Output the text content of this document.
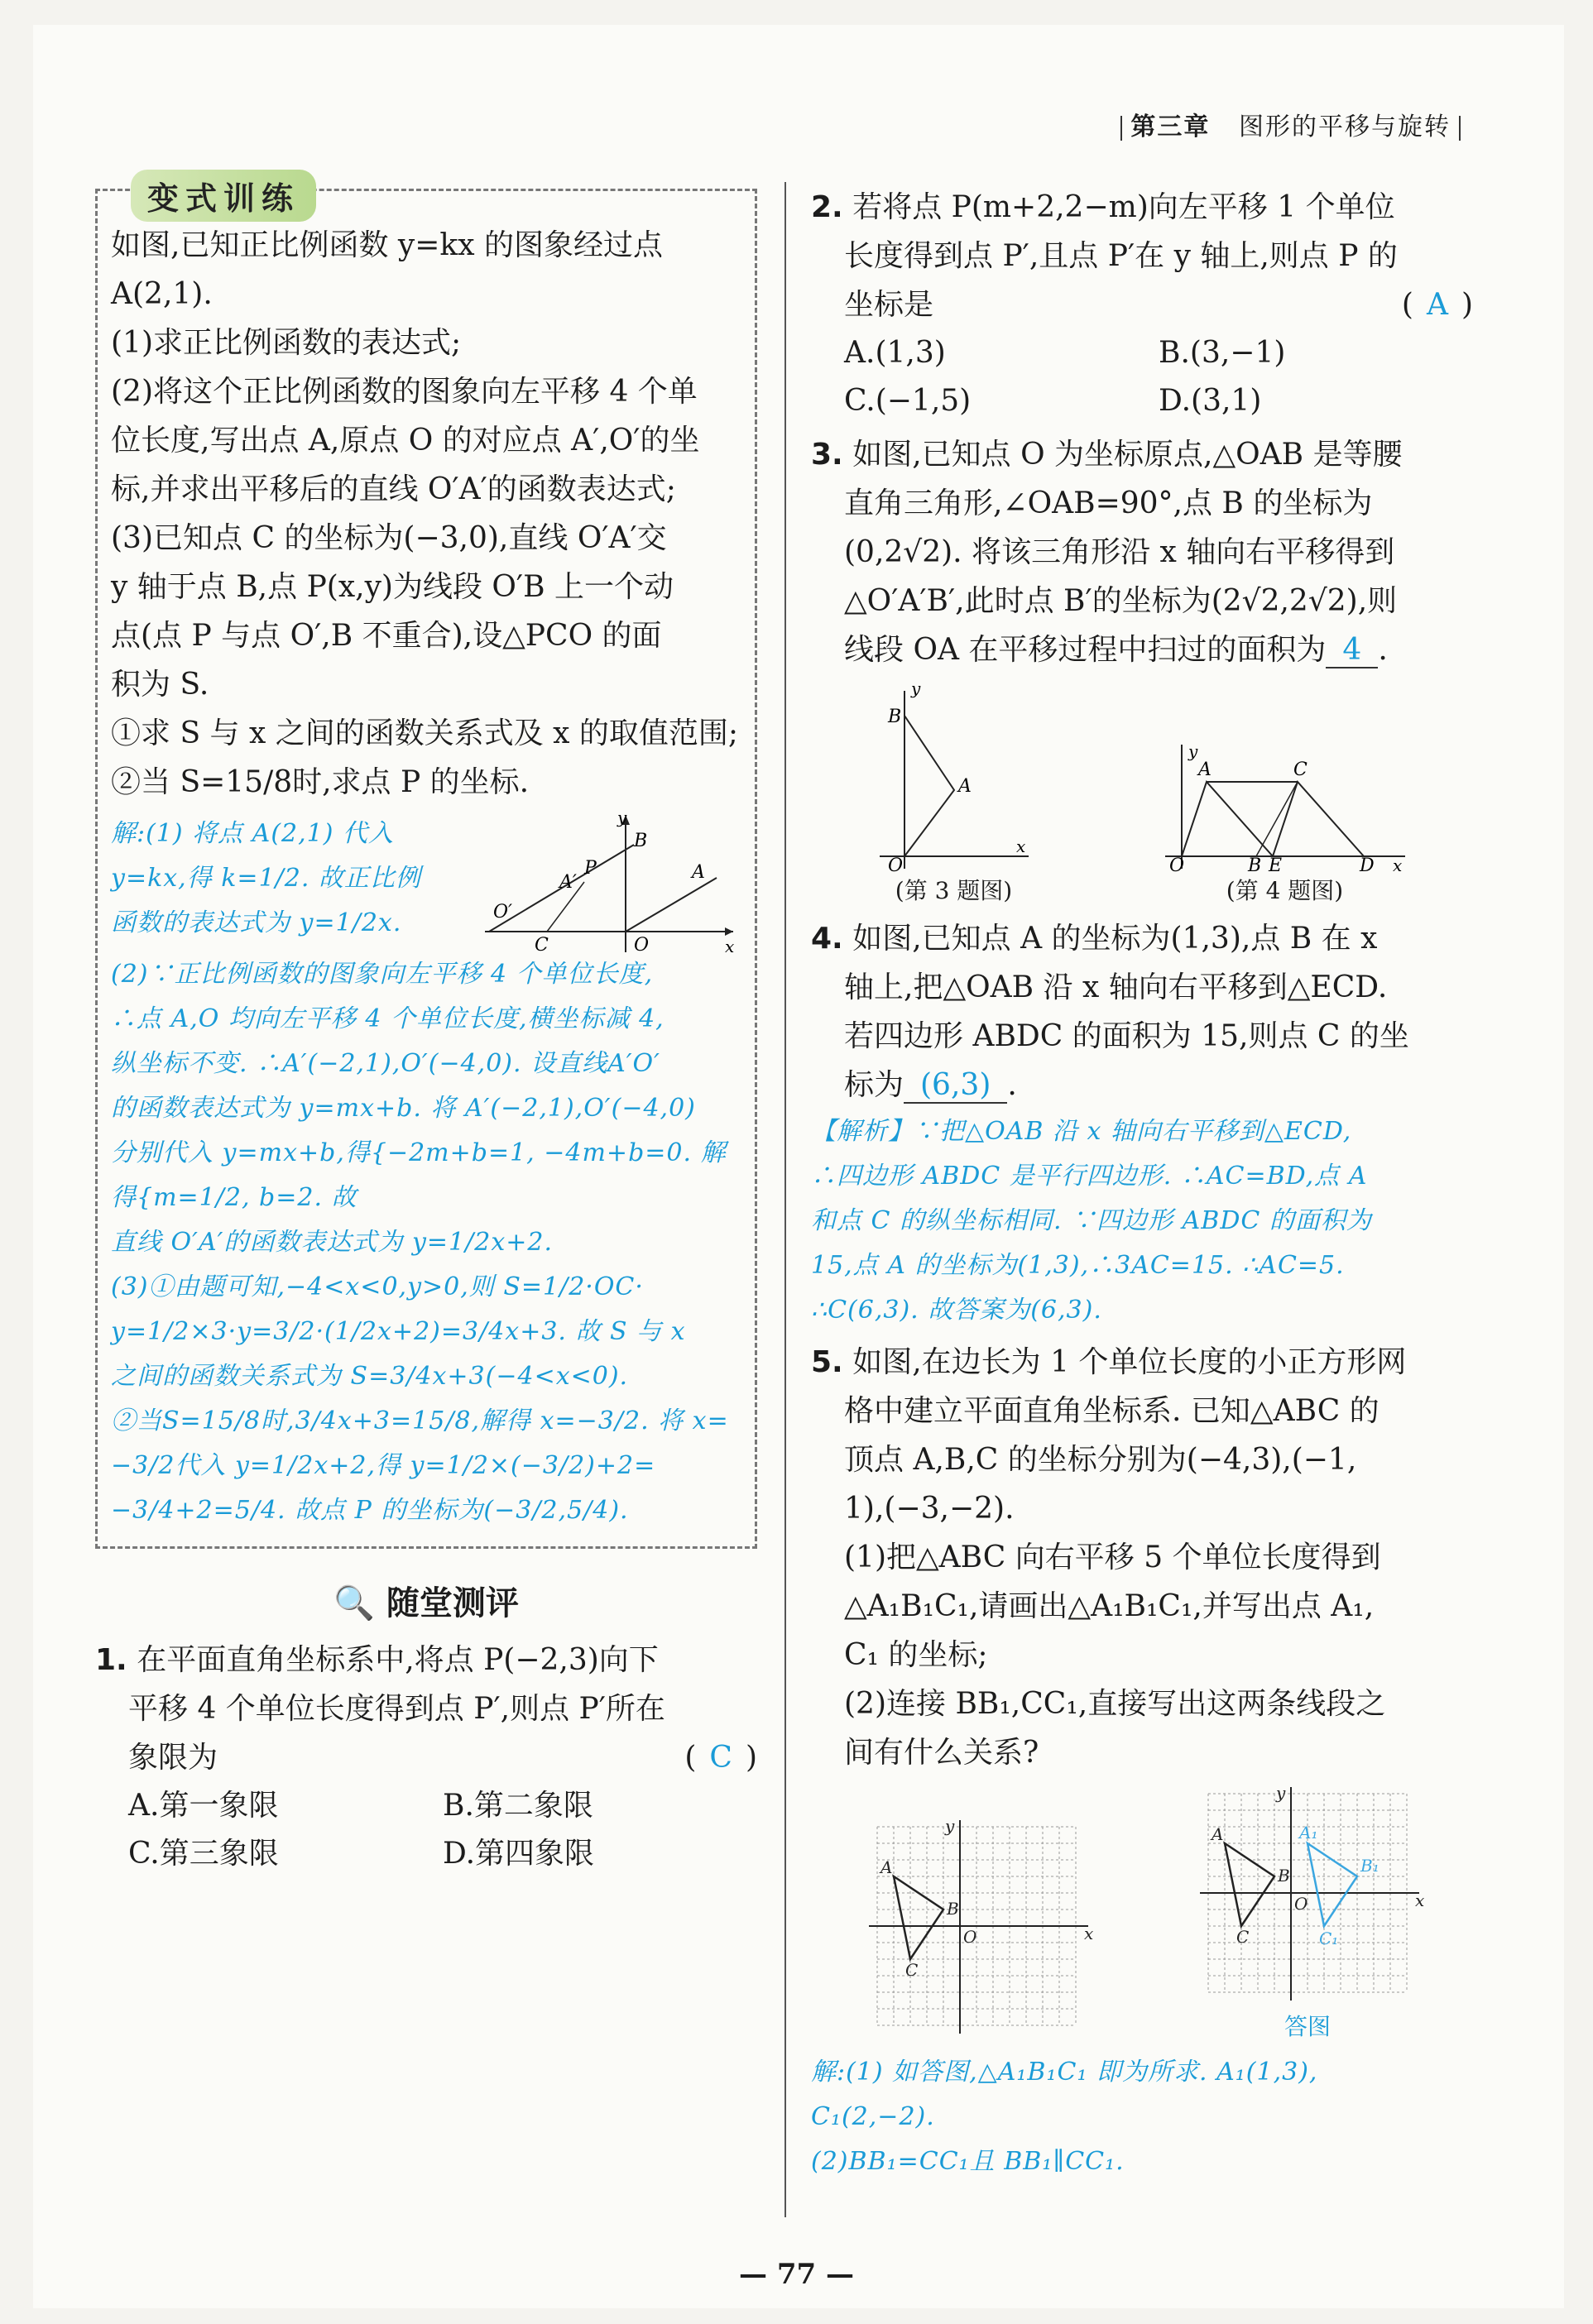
第三章 图形的平移与旋转
变式训练

如图,已知正比例函数 y=kx 的图象经过点

A(2,1).

(1)求正比例函数的表达式;

(2)将这个正比例函数的图象向左平移 4 个单

位长度,写出点 A,原点 O 的对应点 A′,O′的坐

标,并求出平移后的直线 O′A′的函数表达式;

(3)已知点 C 的坐标为(−3,0),直线 O′A′交

y 轴于点 B,点 P(x,y)为线段 O′B 上一个动

点(点 P 与点 O′,B 不重合),设△PCO 的面

积为 S.

①求 S 与 x 之间的函数关系式及 x 的取值范围;

②当 S=15/8时,求点 P 的坐标.

解:(1) 将点 A(2,1) 代入

y=kx,得 k=1/2. 故正比例

函数的表达式为 y=1/2x.

y
x
B
P
A′	A
O′
C	O

(2)∵正比例函数的图象向左平移 4 个单位长度,

∴点 A,O 均向左平移 4 个单位长度,横坐标减 4,

纵坐标不变. ∴A′(−2,1),O′(−4,0). 设直线A′O′

的函数表达式为 y=mx+b. 将 A′(−2,1),O′(−4,0)

分别代入 y=mx+b,得{−2m+b=1, −4m+b=0. 解得{m=1/2, b=2. 故

直线 O′A′的函数表达式为 y=1/2x+2.

(3)①由题可知,−4<x<0,y>0,则 S=1/2·OC·

y=1/2×3·y=3/2·(1/2x+2)=3/4x+3. 故 S 与 x

之间的函数关系式为 S=3/4x+3(−4<x<0).

②当S=15/8时,3/4x+3=15/8,解得 x=−3/2. 将 x=

−3/2代入 y=1/2x+2,得 y=1/2×(−3/2)+2=

−3/4+2=5/4. 故点 P 的坐标为(−3/2,5/4).

🔍 随堂测评

1. 在平面直角坐标系中,将点 P(−2,3)向下

平移 4 个单位长度得到点 P′,则点 P′所在

象限为	( C )

A.第一象限	B.第二象限
C.第三象限	D.第四象限

2. 若将点 P(m+2,2−m)向左平移 1 个单位

长度得到点 P′,且点 P′在 y 轴上,则点 P 的

坐标是	( A )

A.(1,3)	B.(3,−1)
C.(−1,5)	D.(3,1)

3. 如图,已知点 O 为坐标原点,△OAB 是等腰

直角三角形,∠OAB=90°,点 B 的坐标为

(0,2√2). 将该三角形沿 x 轴向右平移得到

△O′A′B′,此时点 B′的坐标为(2√2,2√2),则

线段 OA 在平移过程中扫过的面积为 4 .

y
x
B
A
O
(第 3 题图)
y
x
A	C
O	B E	D
(第 4 题图)

4. 如图,已知点 A 的坐标为(1,3),点 B 在 x

轴上,把△OAB 沿 x 轴向右平移到△ECD.

若四边形 ABDC 的面积为 15,则点 C 的坐

标为 (6,3) .

【解析】∵把△OAB 沿 x 轴向右平移到△ECD,

∴四边形 ABDC 是平行四边形. ∴AC=BD,点 A

和点 C 的纵坐标相同. ∵四边形 ABDC 的面积为

15,点 A 的坐标为(1,3),∴3AC=15. ∴AC=5.

∴C(6,3). 故答案为(6,3).

5. 如图,在边长为 1 个单位长度的小正方形网

格中建立平面直角坐标系. 已知△ABC 的

顶点 A,B,C 的坐标分别为(−4,3),(−1,

1),(−3,−2).

(1)把△ABC 向右平移 5 个单位长度得到

△A₁B₁C₁,请画出△A₁B₁C₁,并写出点 A₁,

C₁ 的坐标;

(2)连接 BB₁,CC₁,直接写出这两条线段之

间有什么关系?

A
B
C
O	x
y	A
B
C
O	x
y
A₁
B₁
C₁
答图

解:(1) 如答图,△A₁B₁C₁ 即为所求. A₁(1,3),

C₁(2,−2).

(2)BB₁=CC₁且 BB₁∥CC₁.

— 77 —
